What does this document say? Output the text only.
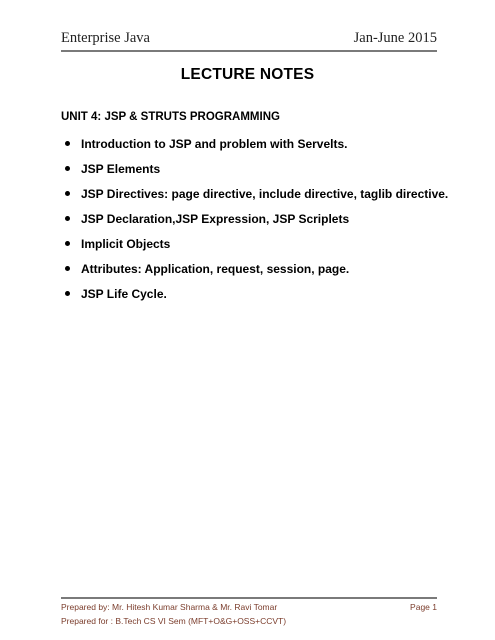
Enterprise Java	Jan-June 2015
LECTURE NOTES
UNIT 4: JSP & STRUTS PROGRAMMING
Introduction to JSP and problem with Servelts.
JSP Elements
JSP Directives: page directive, include directive, taglib directive.
JSP Declaration,JSP Expression, JSP Scriplets
Implicit Objects
Attributes: Application, request, session, page.
JSP Life Cycle.
Prepared by: Mr. Hitesh Kumar Sharma & Mr. Ravi Tomar	Page 1
Prepared for : B.Tech CS VI Sem (MFT+O&G+OSS+CCVT)
